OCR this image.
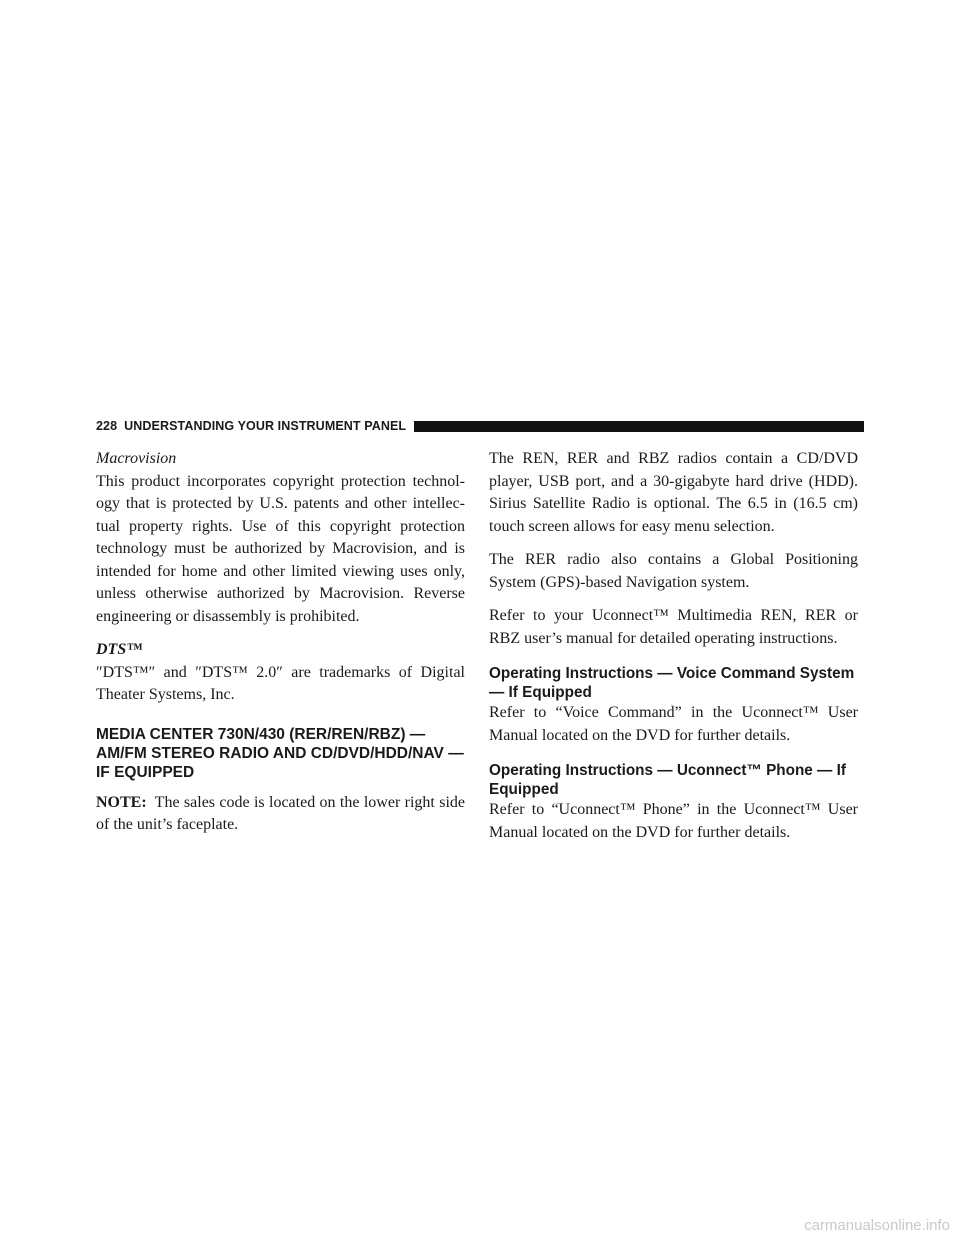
228 UNDERSTANDING YOUR INSTRUMENT PANEL

Macrovision

This product incorporates copyright protection technology that is protected by U.S. patents and other intellectual property rights. Use of this copyright protection technology must be authorized by Macrovision, and is intended for home and other limited viewing uses only, unless otherwise authorized by Macrovision. Reverse engineering or disassembly is prohibited.

DTS™

″DTS™″ and ″DTS™ 2.0″ are trademarks of Digital Theater Systems, Inc.

MEDIA CENTER 730N/430 (RER/REN/RBZ) — AM/FM STEREO RADIO AND CD/DVD/HDD/NAV — IF EQUIPPED

NOTE: The sales code is located on the lower right side of the unit’s faceplate.

The REN, RER and RBZ radios contain a CD/DVD player, USB port, and a 30-gigabyte hard drive (HDD). Sirius Satellite Radio is optional. The 6.5 in (16.5 cm) touch screen allows for easy menu selection.

The RER radio also contains a Global Positioning System (GPS)-based Navigation system.

Refer to your Uconnect™ Multimedia REN, RER or RBZ user’s manual for detailed operating instructions.

Operating Instructions — Voice Command System — If Equipped

Refer to “Voice Command” in the Uconnect™ User Manual located on the DVD for further details.

Operating Instructions — Uconnect™ Phone — If Equipped

Refer to “Uconnect™ Phone” in the Uconnect™ User Manual located on the DVD for further details.

carmanualsonline.info
